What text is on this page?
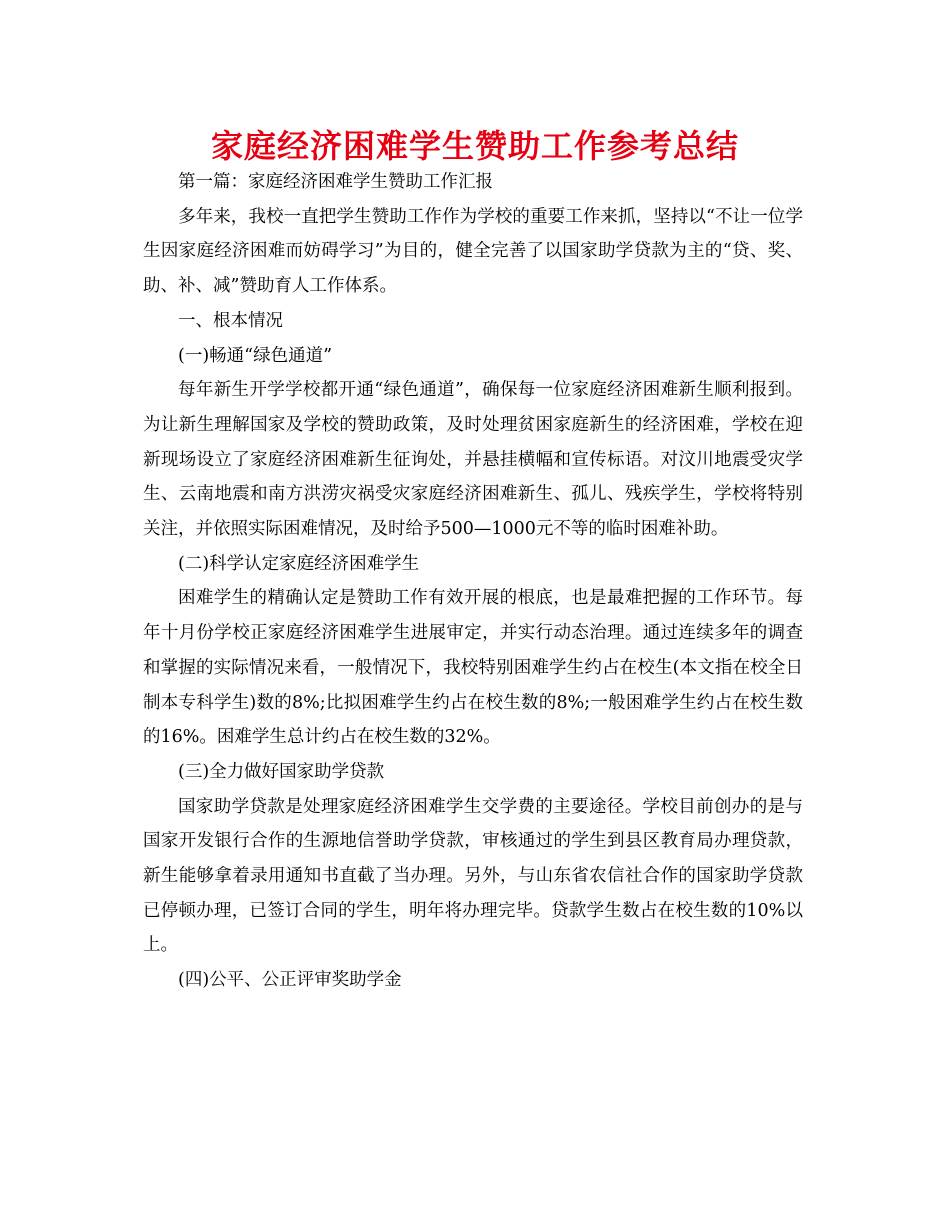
家庭经济困难学生赞助工作参考总结

第一篇：家庭经济困难学生赞助工作汇报

多年来，我校一直把学生赞助工作作为学校的重要工作来抓，坚持以“不让一位学生因家庭经济困难而妨碍学习”为目的，健全完善了以国家助学贷款为主的“贷、奖、助、补、减”赞助育人工作体系。

一、根本情况

(一)畅通“绿色通道”

每年新生开学学校都开通“绿色通道”，确保每一位家庭经济困难新生顺利报到。为让新生理解国家及学校的赞助政策，及时处理贫困家庭新生的经济困难，学校在迎新现场设立了家庭经济困难新生征询处，并悬挂横幅和宣传标语。对汶川地震受灾学生、云南地震和南方洪涝灾祸受灾家庭经济困难新生、孤儿、残疾学生，学校将特别关注，并依照实际困难情况，及时给予500—1000元不等的临时困难补助。

(二)科学认定家庭经济困难学生

困难学生的精确认定是赞助工作有效开展的根底，也是最难把握的工作环节。每年十月份学校正家庭经济困难学生进展审定，并实行动态治理。通过连续多年的调查和掌握的实际情况来看，一般情况下，我校特别困难学生约占在校生(本文指在校全日制本专科学生)数的8%;比拟困难学生约占在校生数的8%;一般困难学生约占在校生数的16%。困难学生总计约占在校生数的32%。

(三)全力做好国家助学贷款

国家助学贷款是处理家庭经济困难学生交学费的主要途径。学校目前创办的是与国家开发银行合作的生源地信誉助学贷款，审核通过的学生到县区教育局办理贷款，新生能够拿着录用通知书直截了当办理。另外，与山东省农信社合作的国家助学贷款已停顿办理，已签订合同的学生，明年将办理完毕。贷款学生数占在校生数的10%以上。

(四)公平、公正评审奖助学金
